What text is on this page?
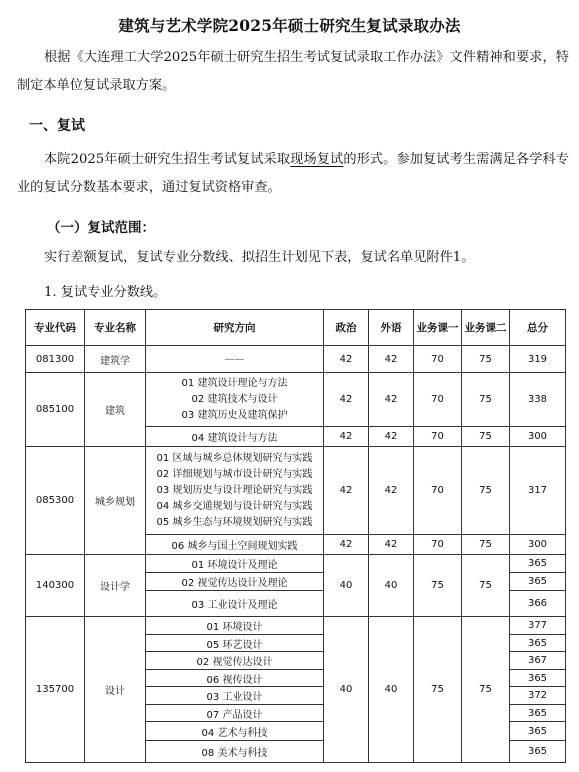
建筑与艺术学院2025年硕士研究生复试录取办法
根据《大连理工大学2025年硕士研究生招生考试复试录取工作办法》文件精神和要求，特制定本单位复试录取方案。
一、复试
本院2025年硕士研究生招生考试复试采取现场复试的形式。参加复试考生需满足各学科专业的复试分数基本要求，通过复试资格审查。
（一）复试范围：
实行差额复试，复试专业分数线、拟招生计划见下表，复试名单见附件1。
1. 复试专业分数线。
专业代码	专业名称	研究方向	政治	外语	业务课一	业务课二	总分
081300	建筑学	——	42	42	70	75	319
085100	建筑	01 建筑设计理论与方法
02 建筑技术与设计
03 建筑历史及建筑保护	42	42	70	75	338
		04 建筑设计与方法	42	42	70	75	300
085300	城乡规划	01 区域与城乡总体规划研究与实践
02 详细规划与城市设计研究与实践
03 规划历史与设计理论研究与实践
04 城乡交通规划与设计研究与实践
05 城乡生态与环境规划研究与实践	42	42	70	75	317
		06 城乡与国土空间规划实践	42	42	70	75	300
140300	设计学	01 环境设计及理论	40	40	75	75	365
		02 视觉传达设计及理论					365
		03 工业设计及理论					366
135700	设计	01 环境设计	40	40	75	75	377
		05 环艺设计					365
		02 视觉传达设计					367
		06 视传设计					365
		03 工业设计					372
		07 产品设计					365
		04 艺术与科技					365
		08 美术与科技					365
